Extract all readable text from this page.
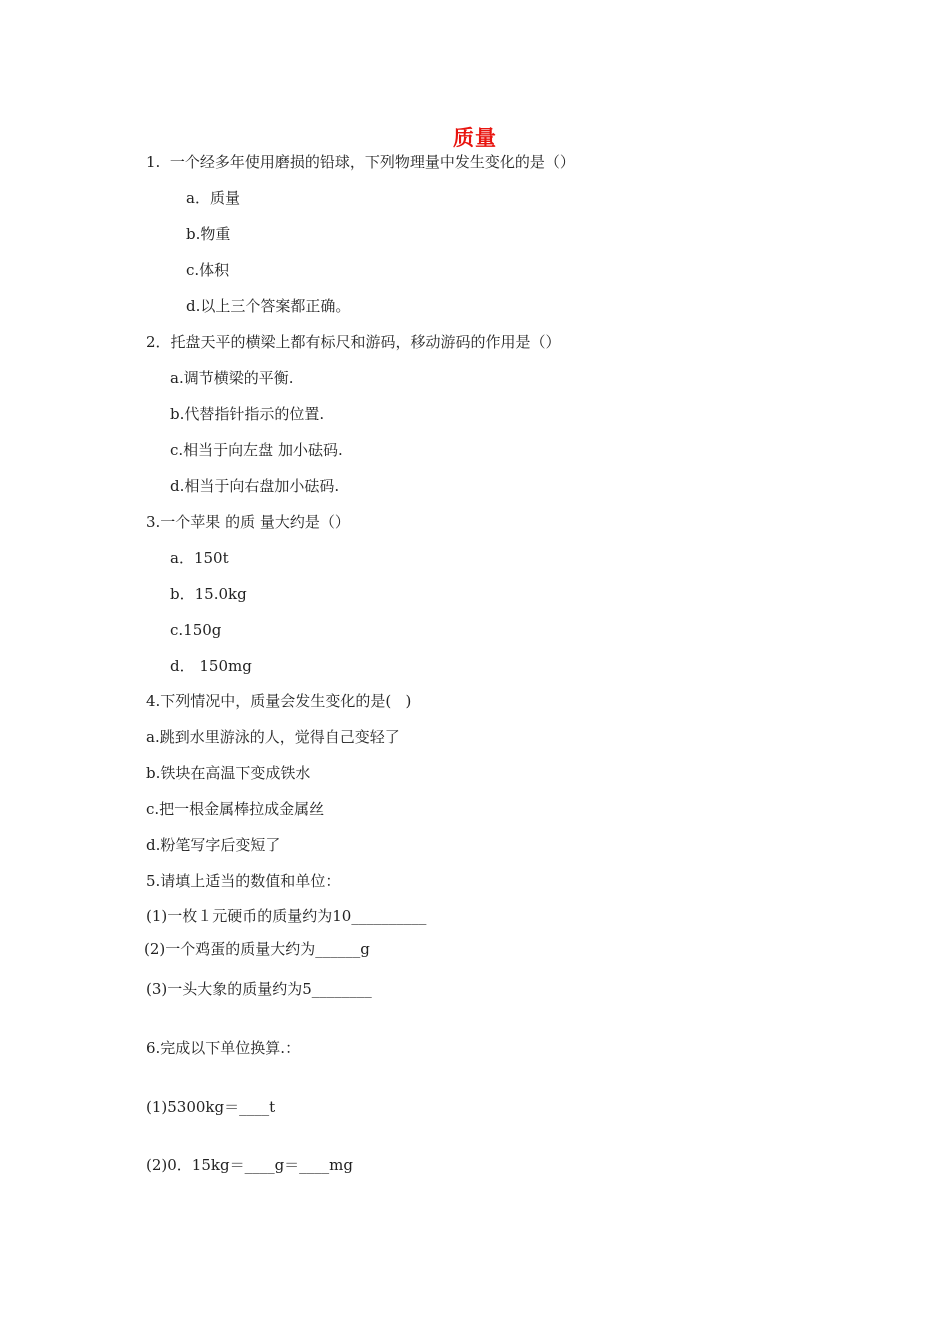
质量
1.  一个经多年使用磨损的铅球，下列物理量中发生变化的是（）
a．质量
b.物重
c.体积
d.以上三个答案都正确。
2．托盘天平的横梁上都有标尺和游码，移动游码的作用是（）
a.调节横梁的平衡.
b.代替指针指示的位置.
c.相当于向左盘 加小砝码.
d.相当于向右盘加小砝码.
3.一个苹果 的质 量大约是（）
a．150t
b．15.0kg
c.150g
d． 150mg
4.下列情况中，质量会发生变化的是(   )
a.跳到水里游泳的人，觉得自己变轻了
b.铁块在高温下变成铁水
c.把一根金属棒拉成金属丝
d.粉笔写字后变短了
5.请填上适当的数值和单位：
(1)一枚１元硬币的质量约为10__________
(2)一个鸡蛋的质量大约为______g
(3)一头大象的质量约为5________
6.完成以下单位换算.：
(1)5300kg＝____t
(2)0．15kg＝____g＝____mg
